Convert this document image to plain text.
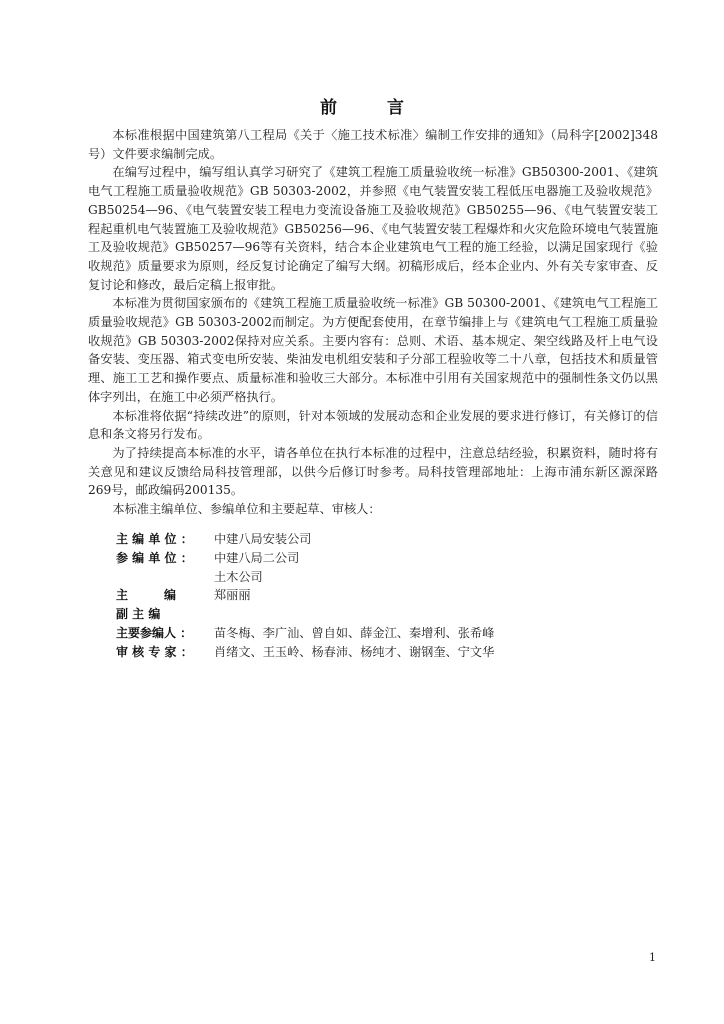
前 言

本标准根据中国建筑第八工程局《关于〈施工技术标准〉编制工作安排的通知》（局科字[2002]348号）文件要求编制完成。

在编写过程中，编写组认真学习研究了《建筑工程施工质量验收统一标准》GB50300-2001、《建筑电气工程施工质量验收规范》GB 50303-2002，并参照《电气装置安装工程低压电器施工及验收规范》GB50254—96、《电气装置安装工程电力变流设备施工及验收规范》GB50255—96、《电气装置安装工程起重机电气装置施工及验收规范》GB50256—96、《电气装置安装工程爆炸和火灾危险环境电气装置施工及验收规范》GB50257—96等有关资料，结合本企业建筑电气工程的施工经验，以满足国家现行《验收规范》质量要求为原则，经反复讨论确定了编写大纲。初稿形成后，经本企业内、外有关专家审查、反复讨论和修改，最后定稿上报审批。

本标准为贯彻国家颁布的《建筑工程施工质量验收统一标准》GB 50300-2001、《建筑电气工程施工质量验收规范》GB 50303-2002而制定。为方便配套使用，在章节编排上与《建筑电气工程施工质量验收规范》GB 50303-2002保持对应关系。主要内容有：总则、术语、基本规定、架空线路及杆上电气设备安装、变压器、箱式变电所安装、柴油发电机组安装和子分部工程验收等二十八章，包括技术和质量管理、施工工艺和操作要点、质量标准和验收三大部分。本标准中引用有关国家规范中的强制性条文仍以黑体字列出，在施工中必须严格执行。

本标准将依据“持续改进”的原则，针对本领域的发展动态和企业发展的要求进行修订，有关修订的信息和条文将另行发布。

为了持续提高本标准的水平，请各单位在执行本标准的过程中，注意总结经验，积累资料，随时将有关意见和建议反馈给局科技管理部，以供今后修订时参考。局科技管理部地址：上海市浦东新区源深路269号，邮政编码200135。

本标准主编单位、参编单位和主要起草、审核人：

主 编 单 位 ：	中建八局安装公司
参 编 单 位 ：	中建八局二公司
土木公司
主　　　编	郑丽丽
副 主 编
主要参编人 ：	苗冬梅、李广汕、曾自如、薛金江、秦增利、张希峰
审 核 专 家 ：	肖绪文、王玉岭、杨春沛、杨纯才、谢钢奎、宁文华
1
